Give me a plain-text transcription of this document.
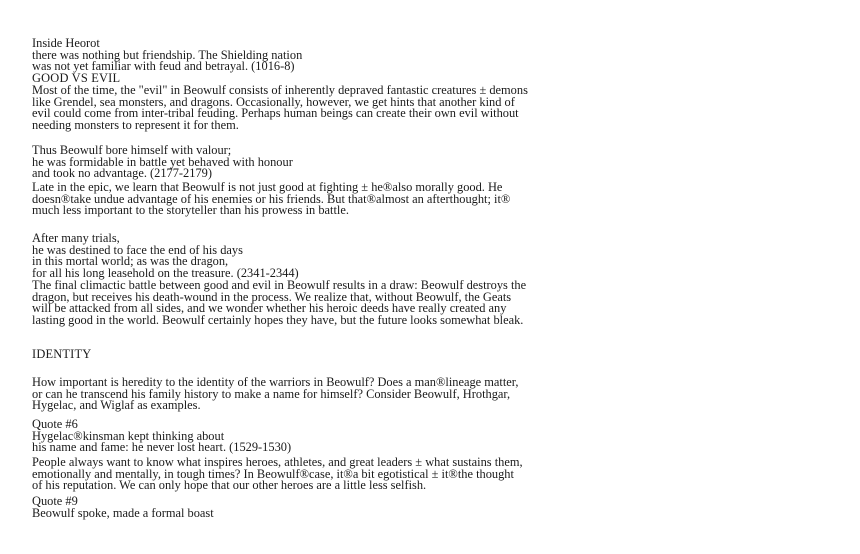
Inside Heorot
there was nothing but friendship. The Shielding nation
was not yet familiar with feud and betrayal. (1016-8)
GOOD VS EVIL

Most of the time, the "evil" in Beowulf consists of inherently depraved fantastic creatures ± demons
like Grendel, sea monsters, and dragons. Occasionally, however, we get hints that another kind of
evil could come from inter-tribal feuding. Perhaps human beings can create their own evil without
needing monsters to represent it for them.

Thus Beowulf bore himself with valour;
he was formidable in battle yet behaved with honour
and took no advantage. (2177-2179)

Late in the epic, we learn that Beowulf is not just good at fighting ± he®also morally good. He
doesn®take undue advantage of his enemies or his friends. But that®almost an afterthought; it®
much less important to the storyteller than his prowess in battle.

After many trials,
he was destined to face the end of his days
in this mortal world; as was the dragon,
for all his long leasehold on the treasure. (2341-2344)

The final climactic battle between good and evil in Beowulf results in a draw: Beowulf destroys the
dragon, but receives his death-wound in the process. We realize that, without Beowulf, the Geats
will be attacked from all sides, and we wonder whether his heroic deeds have really created any
lasting good in the world. Beowulf certainly hopes they have, but the future looks somewhat bleak.

IDENTITY

How important is heredity to the identity of the warriors in Beowulf? Does a man®lineage matter,
or can he transcend his family history to make a name for himself? Consider Beowulf, Hrothgar,
Hygelac, and Wiglaf as examples.

Quote #6
Hygelac®kinsman kept thinking about
his name and fame: he never lost heart. (1529-1530)

People always want to know what inspires heroes, athletes, and great leaders ± what sustains them,
emotionally and mentally, in tough times? In Beowulf®case, it®a bit egotistical ± it®the thought
of his reputation. We can only hope that our other heroes are a little less selfish.

Quote #9
Beowulf spoke, made a formal boast
